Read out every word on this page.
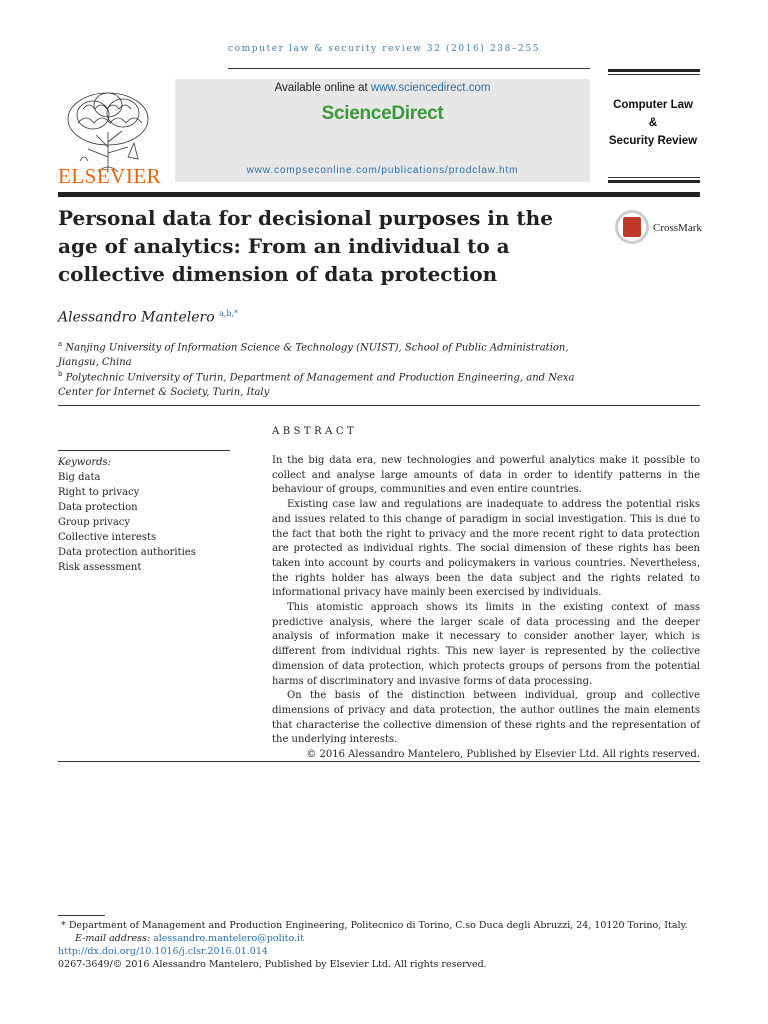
computer law & security review 32 (2016) 238–255
ELSEVIER
Available online at www.sciencedirect.com
ScienceDirect
www.compseconline.com/publications/prodclaw.htm
Computer Law
&
Security Review
Personal data for decisional purposes in the age of analytics: From an individual to a collective dimension of data protection
CrossMark
Alessandro Mantelero $^{a,b,*}$
$^a$ Nanjing University of Information Science & Technology (NUIST), School of Public Administration, Jiangsu, China
$^b$ Polytechnic University of Turin, Department of Management and Production Engineering, and Nexa Center for Internet & Society, Turin, Italy
ABSTRACT
Keywords:
Big data
Right to privacy
Data protection
Group privacy
Collective interests
Data protection authorities
Risk assessment

In the big data era, new technologies and powerful analytics make it possible to collect and analyse large amounts of data in order to identify patterns in the behaviour of groups, communities and even entire countries.

Existing case law and regulations are inadequate to address the potential risks and issues related to this change of paradigm in social investigation. This is due to the fact that both the right to privacy and the more recent right to data protection are protected as individual rights. The social dimension of these rights has been taken into account by courts and policymakers in various countries. Nevertheless, the rights holder has always been the data subject and the rights related to informational privacy have mainly been exercised by individuals.

This atomistic approach shows its limits in the existing context of mass predictive analysis, where the larger scale of data processing and the deeper analysis of information make it necessary to consider another layer, which is different from individual rights. This new layer is represented by the collective dimension of data protection, which protects groups of persons from the potential harms of discriminatory and invasive forms of data processing.

On the basis of the distinction between individual, group and collective dimensions of privacy and data protection, the author outlines the main elements that characterise the collective dimension of these rights and the representation of the underlying interests.

© 2016 Alessandro Mantelero, Published by Elsevier Ltd. All rights reserved.

* Department of Management and Production Engineering, Politecnico di Torino, C.so Duca degli Abruzzi, 24, 10120 Torino, Italy.
E-mail address: alessandro.mantelero@polito.it
http://dx.doi.org/10.1016/j.clsr.2016.01.014
0267-3649/© 2016 Alessandro Mantelero, Published by Elsevier Ltd. All rights reserved.
